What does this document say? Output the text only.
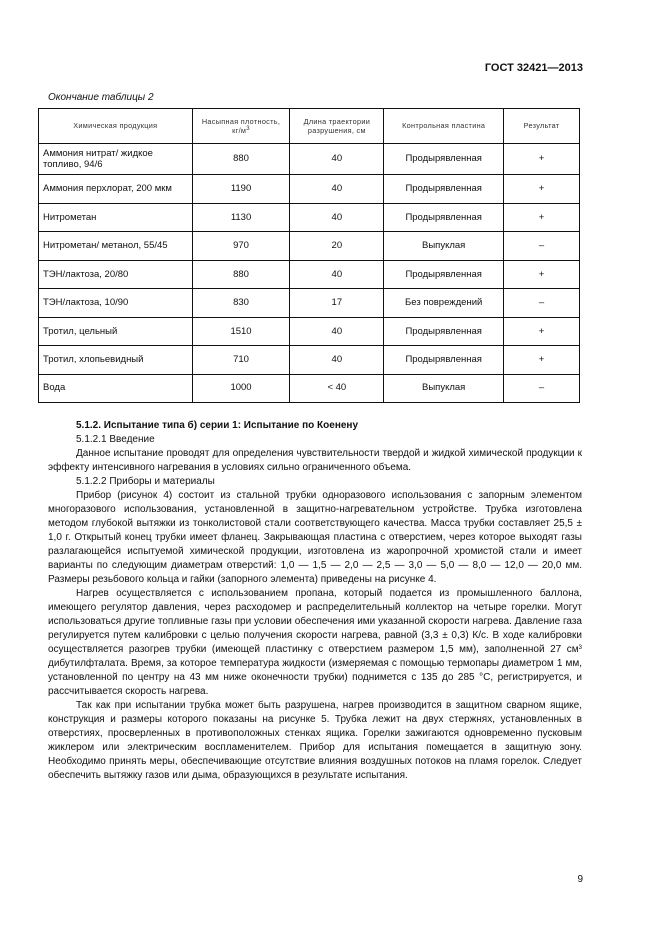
ГОСТ 32421—2013
Окончание таблицы 2
Химическая продукция	Насыпная плотность, $кг/м^3$	Длина траектории разрушения, см	Контрольная пластина	Результат
Аммония нитрат/ жидкое топливо, 94/6	880	40	Продырявленная	+
Аммония перхлорат, 200 мкм	1190	40	Продырявленная	+
Нитрометан	1130	40	Продырявленная	+
Нитрометан/ метанол, 55/45	970	20	Выпуклая	–
ТЭН/лактоза, 20/80	880	40	Продырявленная	+
ТЭН/лактоза, 10/90	830	17	Без повреждений	–
Тротил, цельный	1510	40	Продырявленная	+
Тротил, хлопьевидный	710	40	Продырявленная	+
Вода	1000	< 40	Выпуклая	–

5.1.2. Испытание типа б) серии 1: Испытание по Коенену

5.1.2.1 Введение

Данное испытание проводят для определения чувствительности твердой и жидкой химической продукции к эффекту интенсивного нагревания в условиях сильно ограниченного объема.

5.1.2.2 Приборы и материалы

Прибор (рисунок 4) состоит из стальной трубки одноразового использования с запорным элементом многоразового использования, установленной в защитно-нагревательном устройстве. Трубка изготовлена методом глубокой вытяжки из тонколистовой стали соответствующего качества. Масса трубки составляет 25,5 ± 1,0 г. Открытый конец трубки имеет фланец. Закрывающая пластина с отверстием, через которое выходят газы разлагающейся испытуемой химической продукции, изготовлена из жаропрочной хромистой стали и имеет варианты по следующим диаметрам отверстий: 1,0 — 1,5 — 2,0 — 2,5 — 3,0 — 5,0 — 8,0 — 12,0 — 20,0 мм. Размеры резьбового кольца и гайки (запорного элемента) приведены на рисунке 4.

Нагрев осуществляется с использованием пропана, который подается из промышленного баллона, имеющего регулятор давления, через расходомер и распределительный коллектор на четыре горелки. Могут использоваться другие топливные газы при условии обеспечения ими указанной скорости нагрева. Давление газа регулируется путем калибровки с целью получения скорости нагрева, равной (3,3 ± 0,3) К/с. В ходе калибровки осуществляется разогрев трубки (имеющей пластинку с отверстием размером 1,5 мм), заполненной 27 $см^3$ дибутилфталата. Время, за которое температура жидкости (измеряемая с помощью термопары диаметром 1 мм, установленной по центру на 43 мм ниже оконечности трубки) поднимется с 135 до 285 °С, регистрируется, и рассчитывается скорость нагрева.

Так как при испытании трубка может быть разрушена, нагрев производится в защитном сварном ящике, конструкция и размеры которого показаны на рисунке 5. Трубка лежит на двух стержнях, установленных в отверстиях, просверленных в противоположных стенках ящика. Горелки зажигаются одновременно пусковым жиклером или электрическим воспламенителем. Прибор для испытания помещается в защитную зону. Необходимо принять меры, обеспечивающие отсутствие влияния воздушных потоков на пламя горелок. Следует обеспечить вытяжку газов или дыма, образующихся в результате испытания.

9
